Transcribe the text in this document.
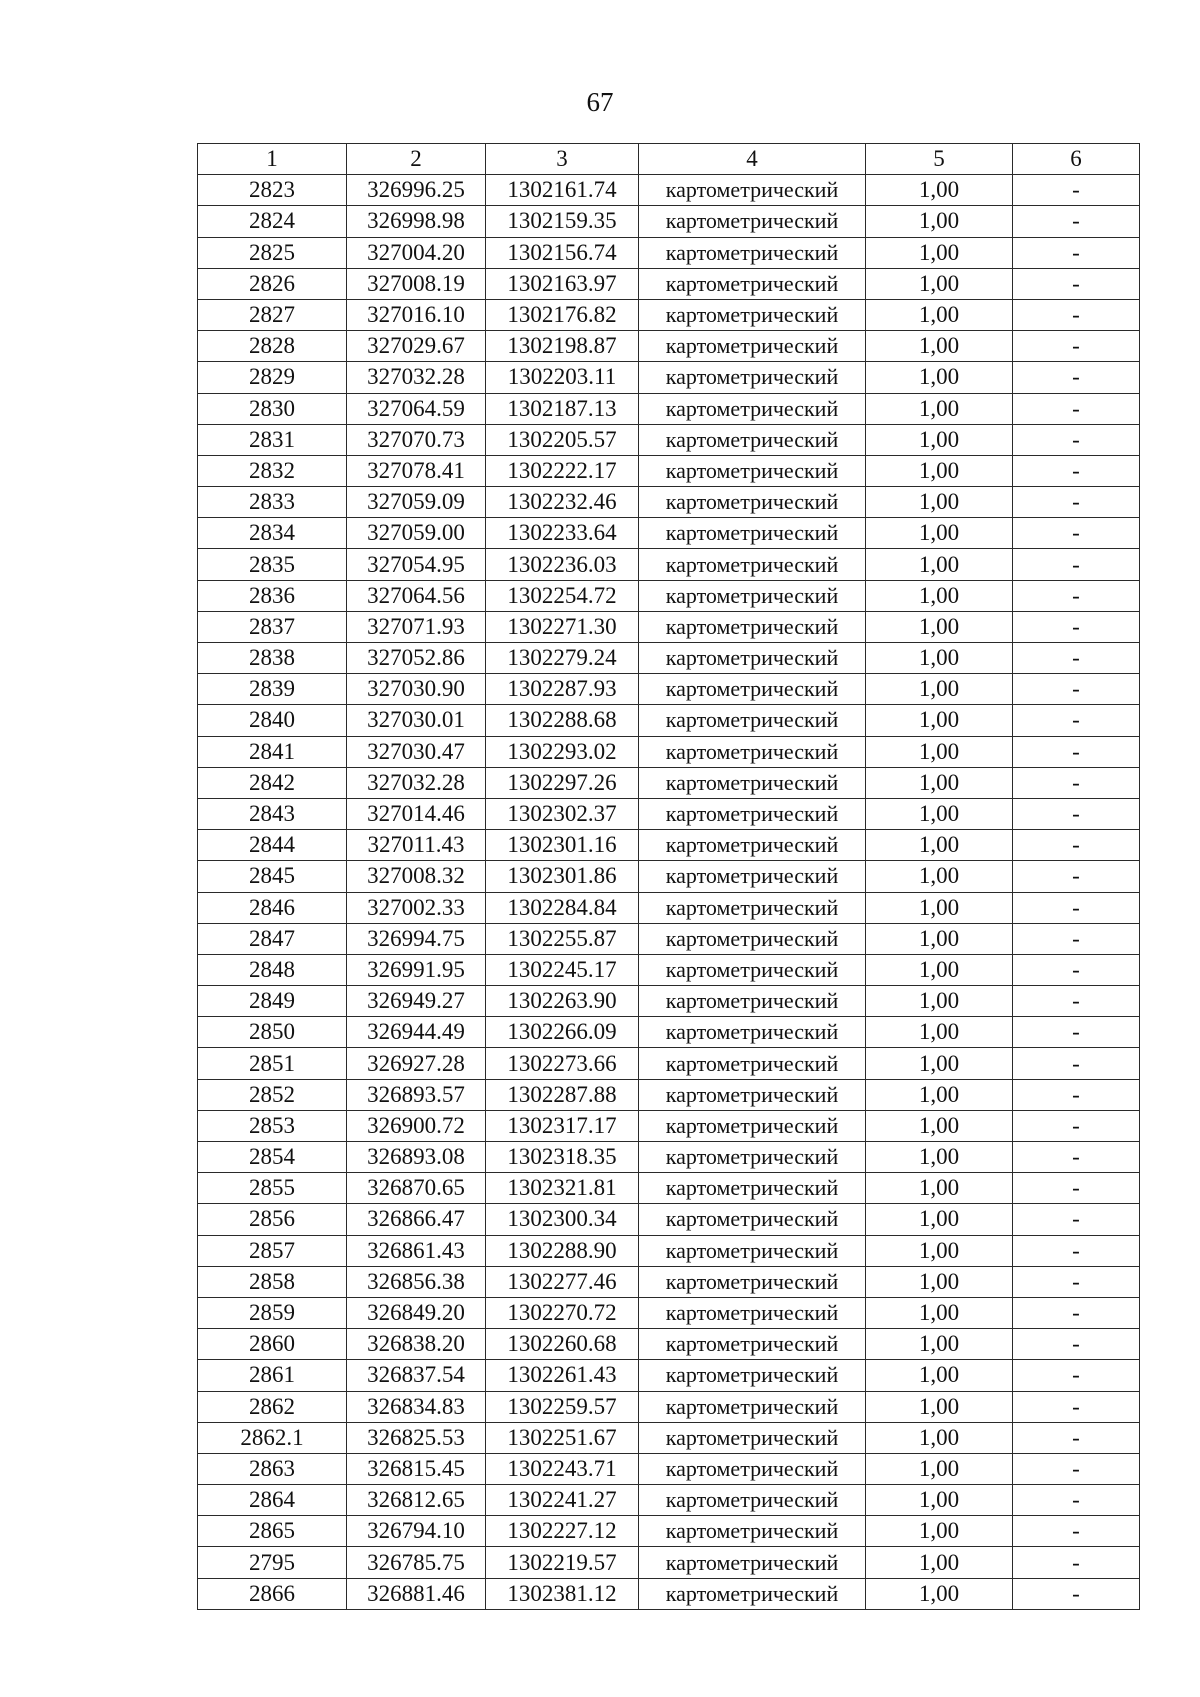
67
1	2	3	4	5	6
2823	326996.25	1302161.74	картометрический	1,00	-
2824	326998.98	1302159.35	картометрический	1,00	-
2825	327004.20	1302156.74	картометрический	1,00	-
2826	327008.19	1302163.97	картометрический	1,00	-
2827	327016.10	1302176.82	картометрический	1,00	-
2828	327029.67	1302198.87	картометрический	1,00	-
2829	327032.28	1302203.11	картометрический	1,00	-
2830	327064.59	1302187.13	картометрический	1,00	-
2831	327070.73	1302205.57	картометрический	1,00	-
2832	327078.41	1302222.17	картометрический	1,00	-
2833	327059.09	1302232.46	картометрический	1,00	-
2834	327059.00	1302233.64	картометрический	1,00	-
2835	327054.95	1302236.03	картометрический	1,00	-
2836	327064.56	1302254.72	картометрический	1,00	-
2837	327071.93	1302271.30	картометрический	1,00	-
2838	327052.86	1302279.24	картометрический	1,00	-
2839	327030.90	1302287.93	картометрический	1,00	-
2840	327030.01	1302288.68	картометрический	1,00	-
2841	327030.47	1302293.02	картометрический	1,00	-
2842	327032.28	1302297.26	картометрический	1,00	-
2843	327014.46	1302302.37	картометрический	1,00	-
2844	327011.43	1302301.16	картометрический	1,00	-
2845	327008.32	1302301.86	картометрический	1,00	-
2846	327002.33	1302284.84	картометрический	1,00	-
2847	326994.75	1302255.87	картометрический	1,00	-
2848	326991.95	1302245.17	картометрический	1,00	-
2849	326949.27	1302263.90	картометрический	1,00	-
2850	326944.49	1302266.09	картометрический	1,00	-
2851	326927.28	1302273.66	картометрический	1,00	-
2852	326893.57	1302287.88	картометрический	1,00	-
2853	326900.72	1302317.17	картометрический	1,00	-
2854	326893.08	1302318.35	картометрический	1,00	-
2855	326870.65	1302321.81	картометрический	1,00	-
2856	326866.47	1302300.34	картометрический	1,00	-
2857	326861.43	1302288.90	картометрический	1,00	-
2858	326856.38	1302277.46	картометрический	1,00	-
2859	326849.20	1302270.72	картометрический	1,00	-
2860	326838.20	1302260.68	картометрический	1,00	-
2861	326837.54	1302261.43	картометрический	1,00	-
2862	326834.83	1302259.57	картометрический	1,00	-
2862.1	326825.53	1302251.67	картометрический	1,00	-
2863	326815.45	1302243.71	картометрический	1,00	-
2864	326812.65	1302241.27	картометрический	1,00	-
2865	326794.10	1302227.12	картометрический	1,00	-
2795	326785.75	1302219.57	картометрический	1,00	-
2866	326881.46	1302381.12	картометрический	1,00	-
